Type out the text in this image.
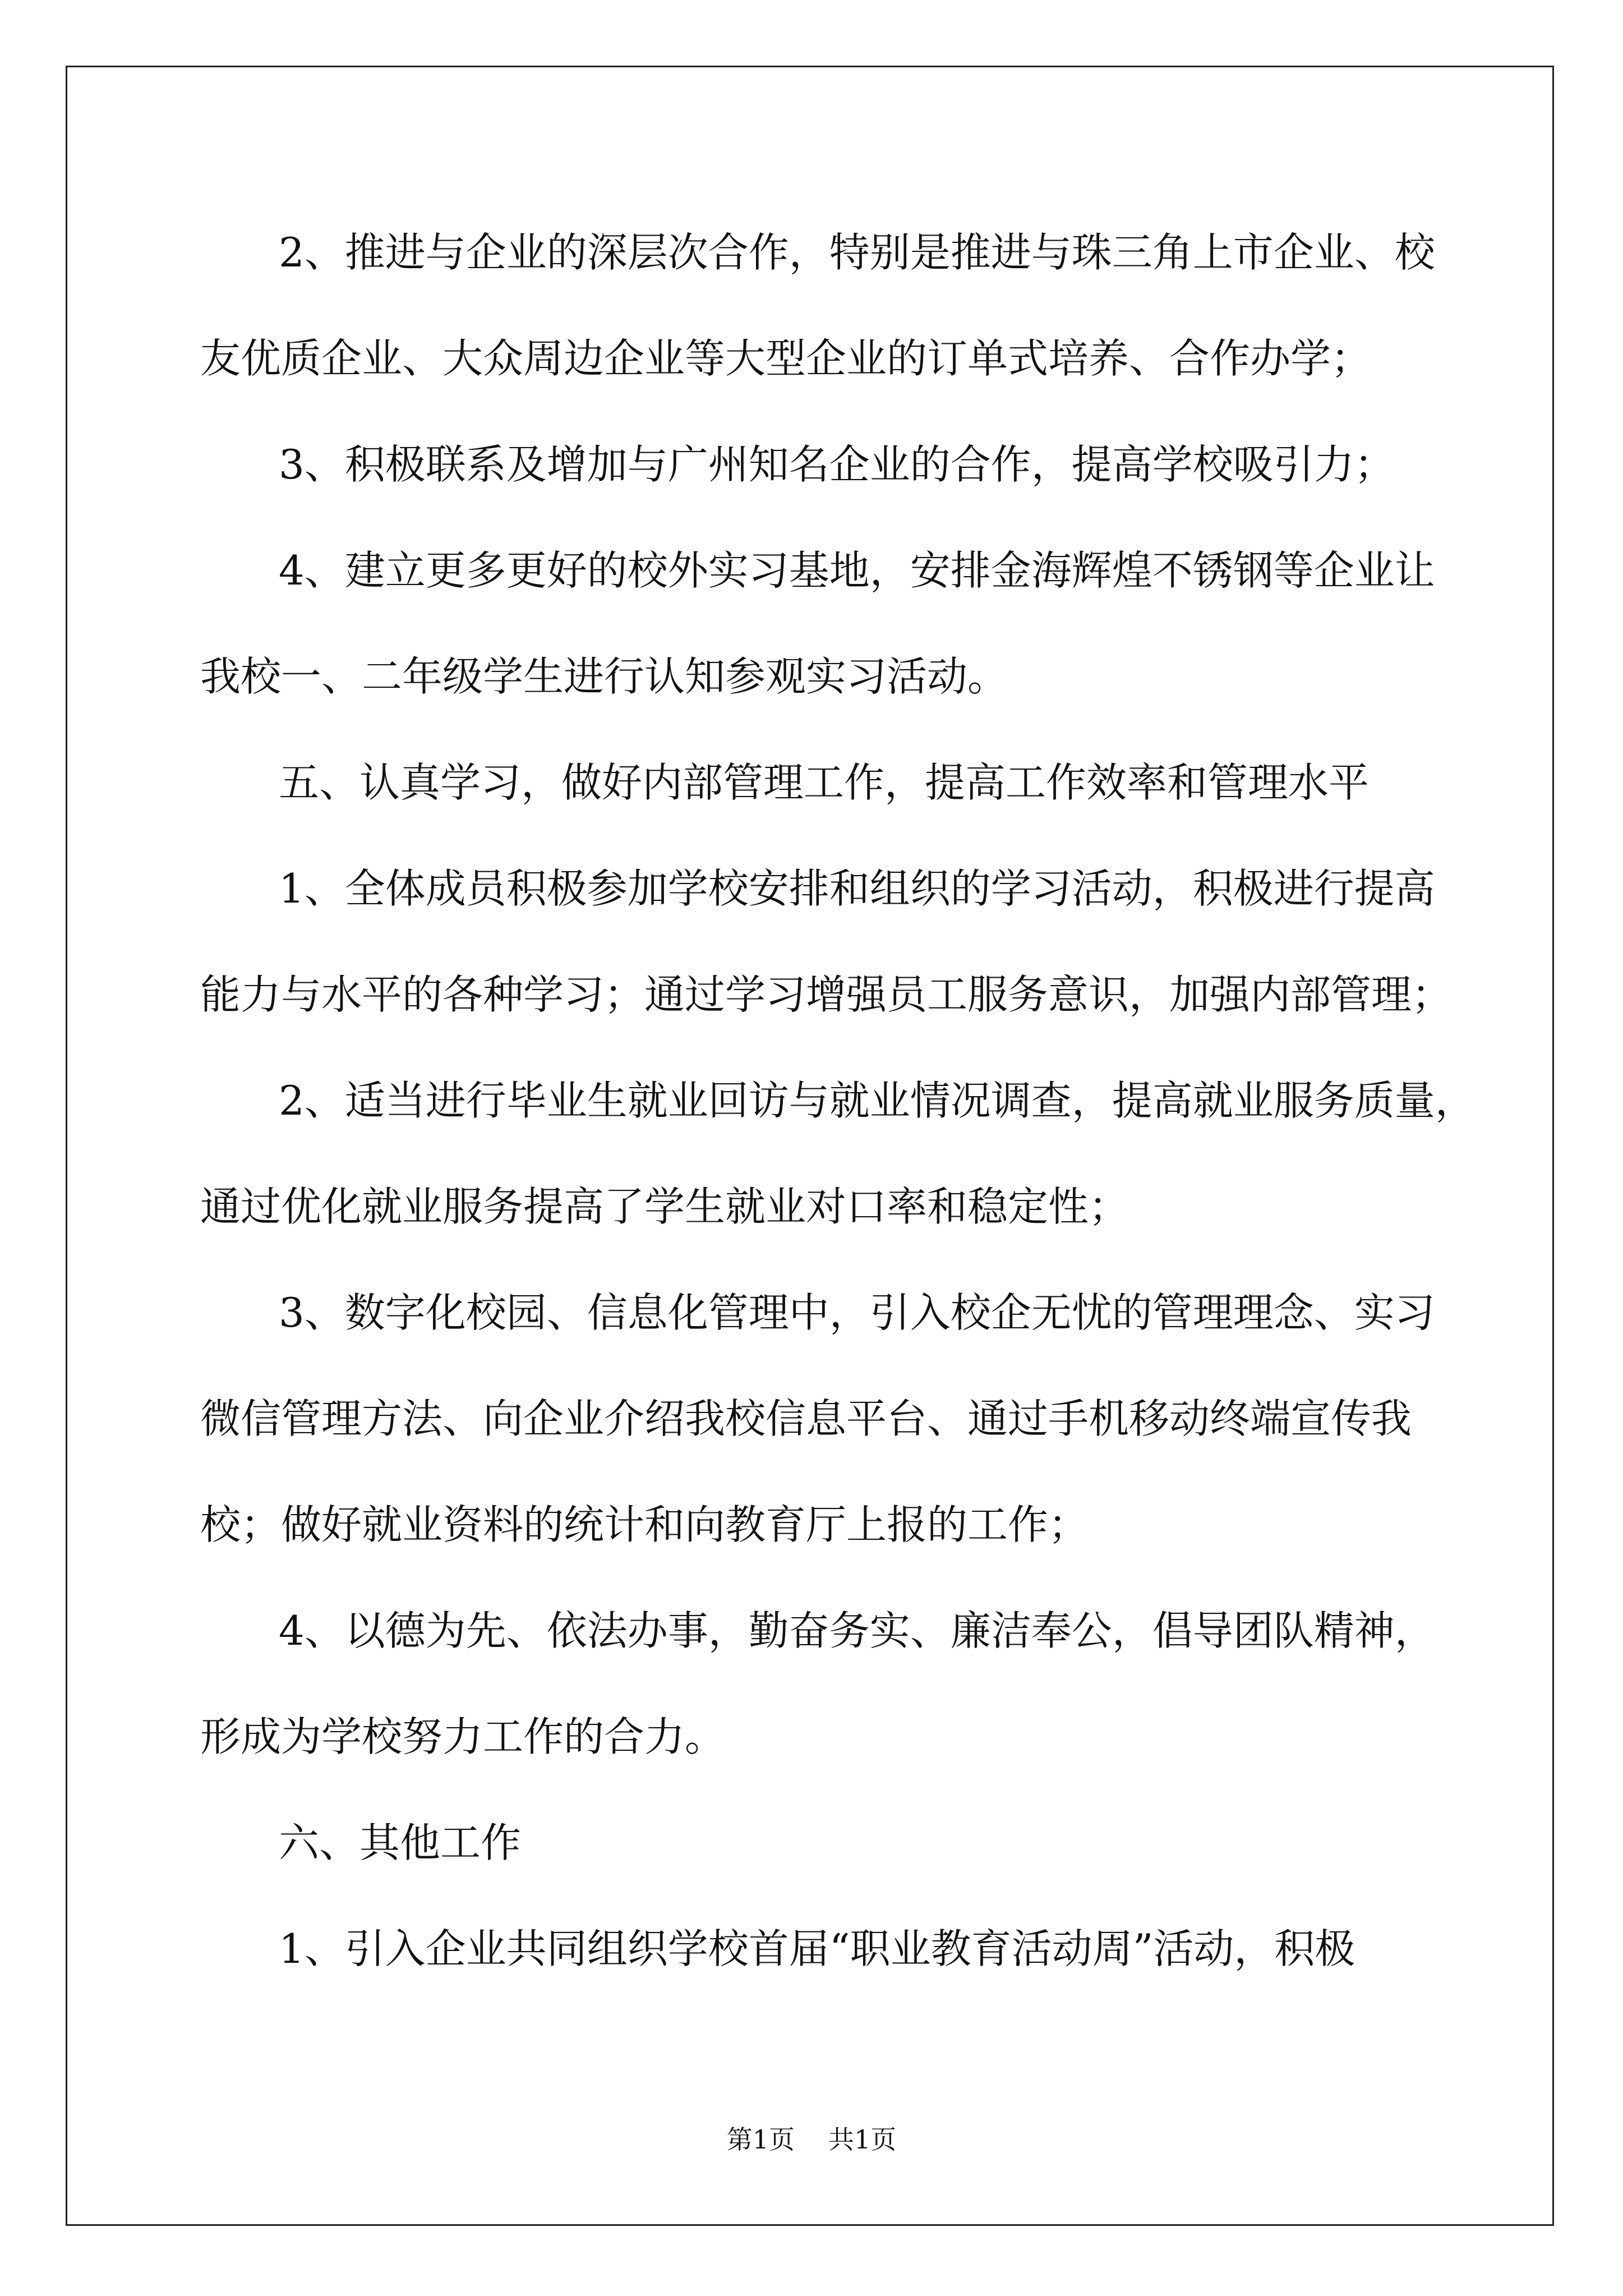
2、推进与企业的深层次合作，特别是推进与珠三角上市企业、校
友优质企业、大众周边企业等大型企业的订单式培养、合作办学；
3、积极联系及增加与广州知名企业的合作，提高学校吸引力；
4、建立更多更好的校外实习基地，安排金海辉煌不锈钢等企业让
我校一、二年级学生进行认知参观实习活动。
五、认真学习，做好内部管理工作，提高工作效率和管理水平
1、全体成员积极参加学校安排和组织的学习活动，积极进行提高
能力与水平的各种学习；通过学习增强员工服务意识，加强内部管理；
2、适当进行毕业生就业回访与就业情况调查，提高就业服务质量，
通过优化就业服务提高了学生就业对口率和稳定性；
3、数字化校园、信息化管理中，引入校企无忧的管理理念、实习
微信管理方法、向企业介绍我校信息平台、通过手机移动终端宣传我
校；做好就业资料的统计和向教育厅上报的工作；
4、以德为先、依法办事，勤奋务实、廉洁奉公，倡导团队精神，
形成为学校努力工作的合力。
六、其他工作
1、引入企业共同组织学校首届“职业教育活动周”活动，积极
第1页 共1页
